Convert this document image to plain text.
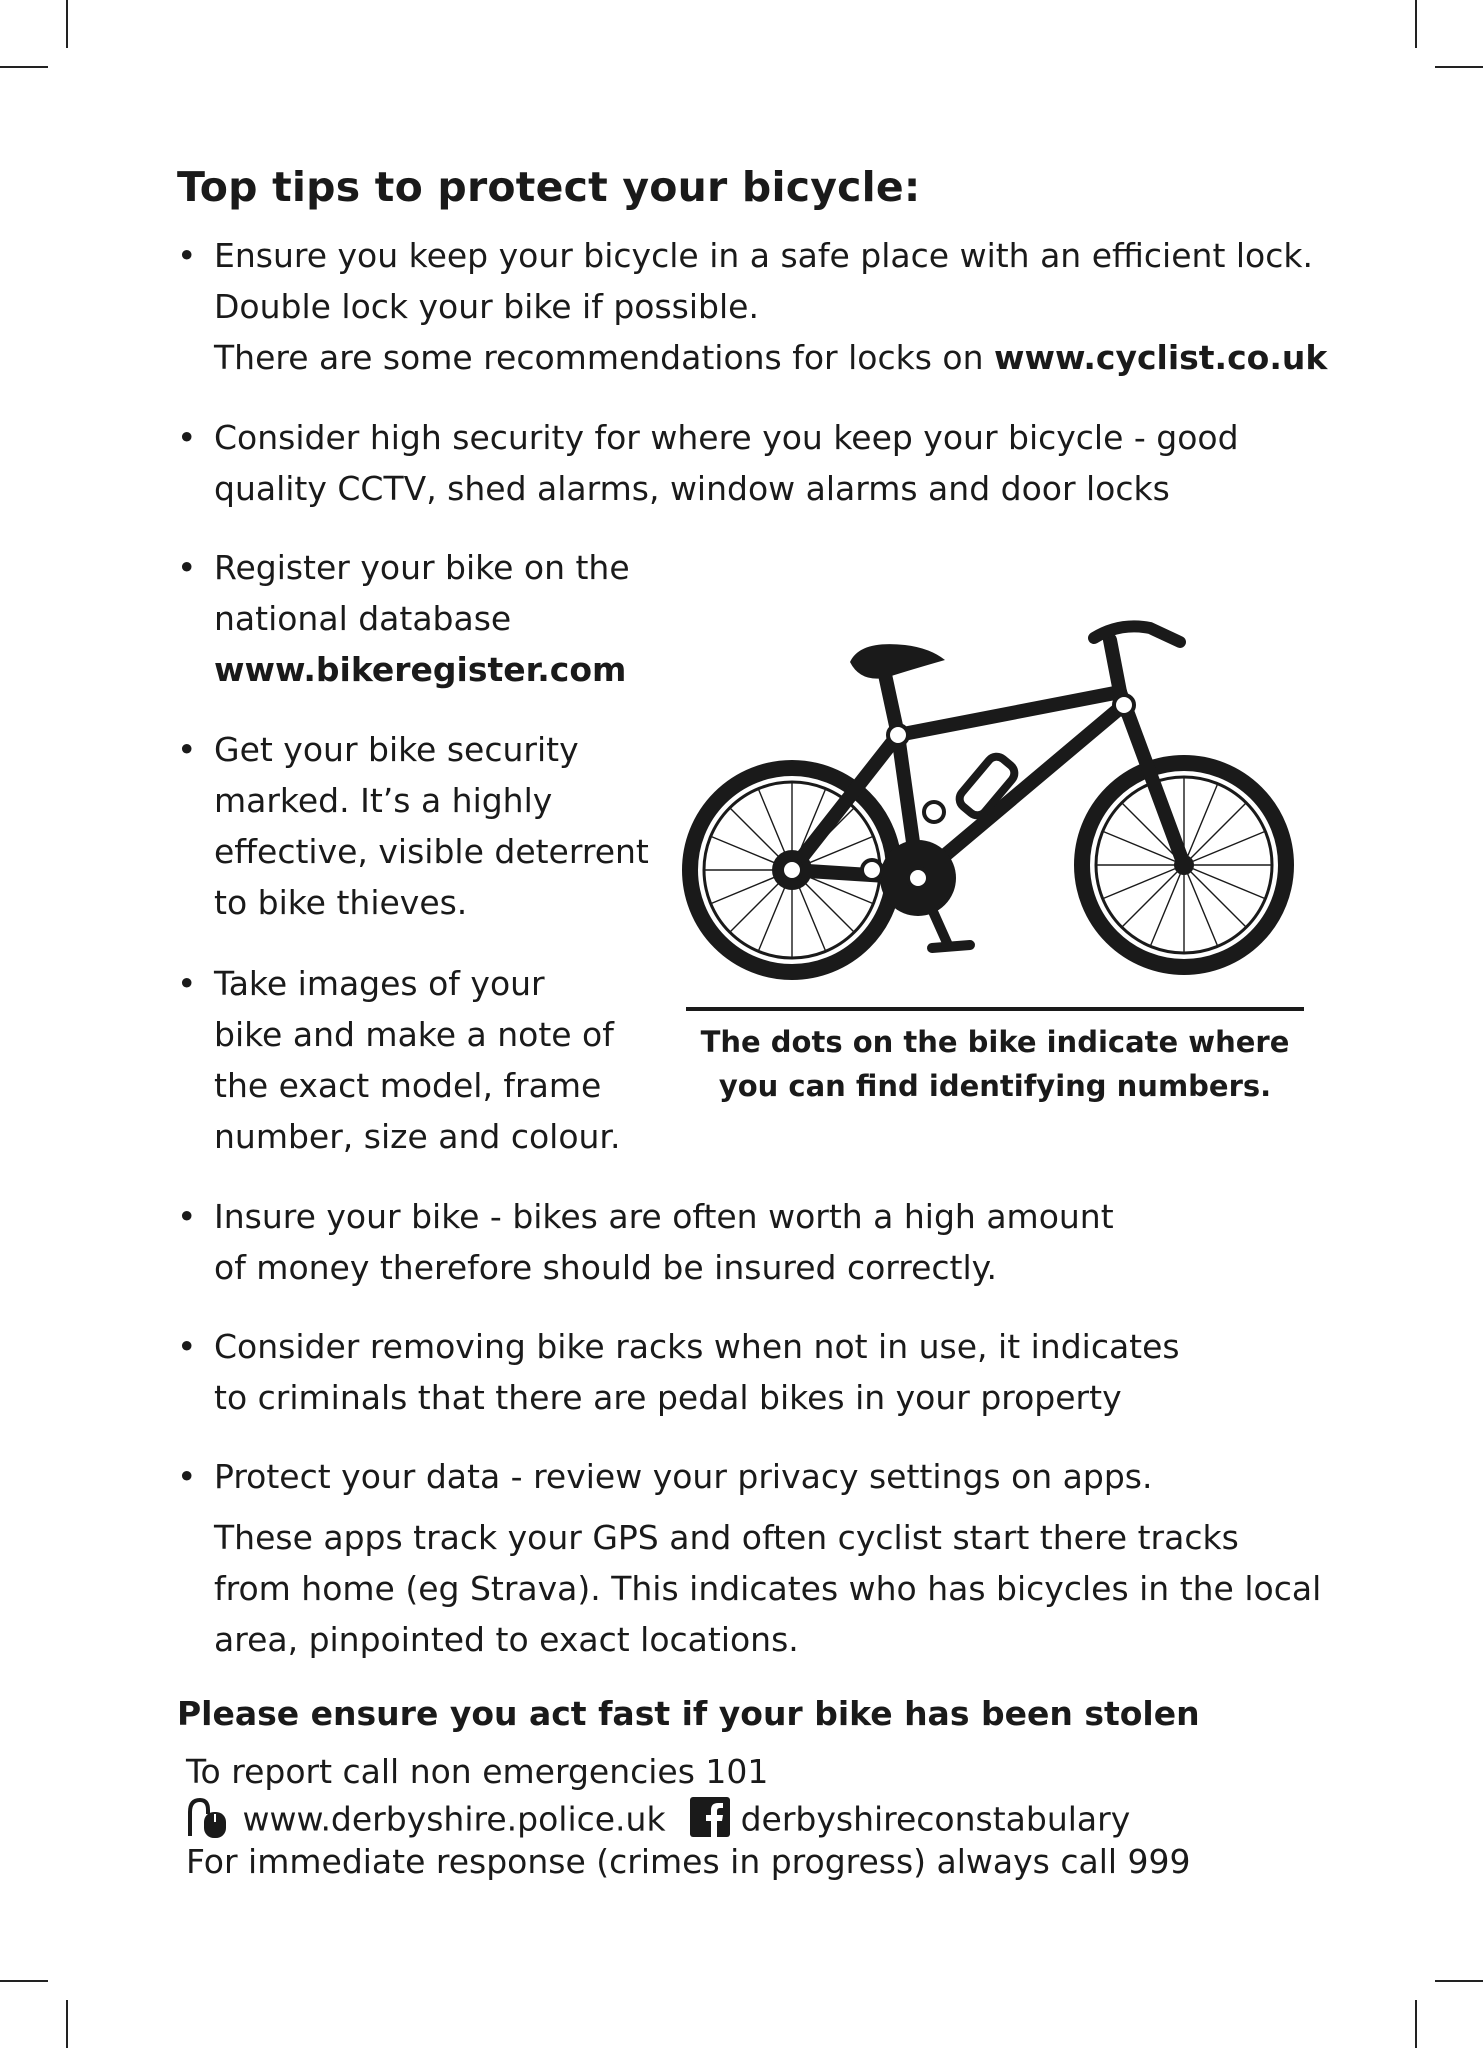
Top tips to protect your bicycle:
• Ensure you keep your bicycle in a safe place with an efficient lock.
Double lock your bike if possible.
There are some recommendations for locks on www.cyclist.co.uk
• Consider high security for where you keep your bicycle - good
quality CCTV, shed alarms, window alarms and door locks
• Register your bike on the
national database
www.bikeregister.com
• Get your bike security
marked. It’s a highly
effective, visible deterrent
to bike thieves.
• Take images of your
bike and make a note of
the exact model, frame
number, size and colour.
The dots on the bike indicate where
you can find identifying numbers.
• Insure your bike - bikes are often worth a high amount
of money therefore should be insured correctly.
• Consider removing bike racks when not in use, it indicates
to criminals that there are pedal bikes in your property
• Protect your data - review your privacy settings on apps.
These apps track your GPS and often cyclist start there tracks
from home (eg Strava). This indicates who has bicycles in the local
area, pinpointed to exact locations.
Please ensure you act fast if your bike has been stolen
To report call non emergencies 101
www.derbyshire.police.uk derbyshireconstabulary
For immediate response (crimes in progress) always call 999
